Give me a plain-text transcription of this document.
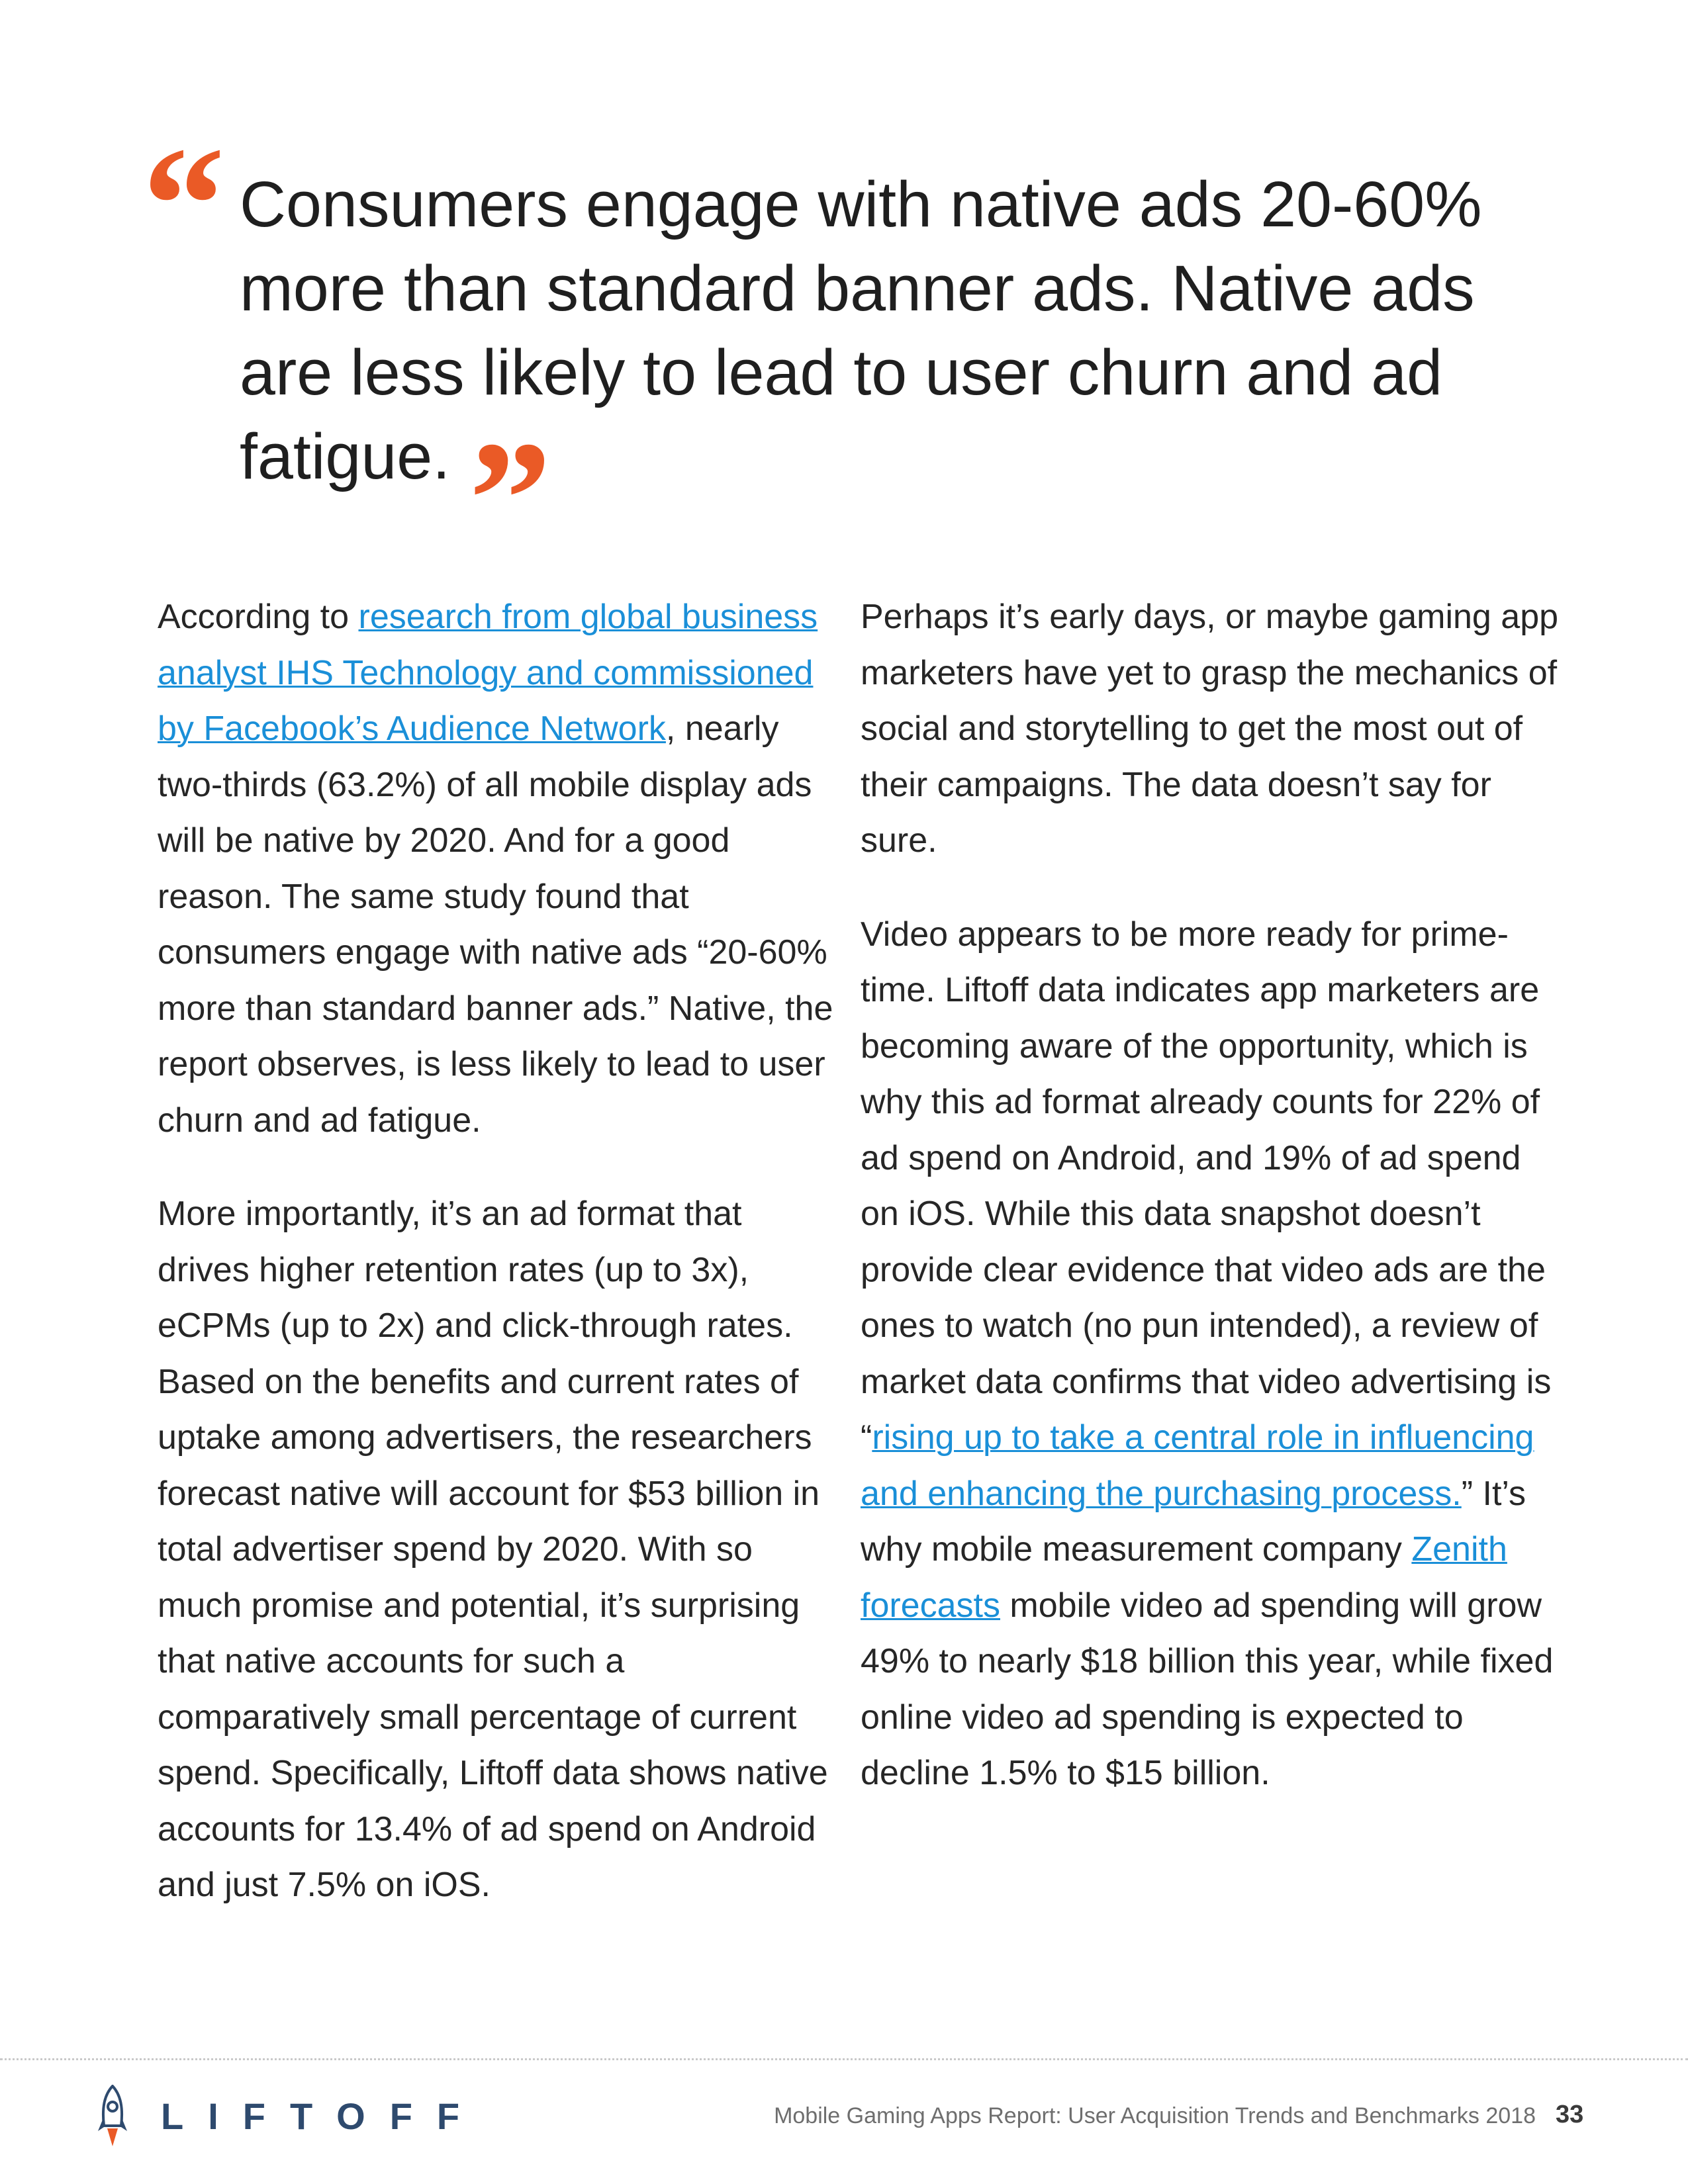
“ Consumers engage with native ads 20-60% more than standard banner ads. Native ads are less likely to lead to user churn and ad fatigue. ”

According to research from global business analyst IHS Technology and commissioned by Facebook’s Audience Network, nearly two-thirds (63.2%) of all mobile display ads will be native by 2020. And for a good reason. The same study found that consumers engage with native ads “20-60% more than standard banner ads.” Native, the report observes, is less likely to lead to user churn and ad fatigue.

More importantly, it’s an ad format that drives higher retention rates (up to 3x), eCPMs (up to 2x) and click-through rates. Based on the benefits and current rates of uptake among advertisers, the researchers forecast native will account for $53 billion in total advertiser spend by 2020. With so much promise and potential, it’s surprising that native accounts for such a comparatively small percentage of current spend. Specifically, Liftoff data shows native accounts for 13.4% of ad spend on Android and just 7.5% on iOS.

Perhaps it’s early days, or maybe gaming app marketers have yet to grasp the mechanics of social and storytelling to get the most out of their campaigns. The data doesn’t say for sure.

Video appears to be more ready for prime-time. Liftoff data indicates app marketers are becoming aware of the opportunity, which is why this ad format already counts for 22% of ad spend on Android, and 19% of ad spend on iOS. While this data snapshot doesn’t provide clear evidence that video ads are the ones to watch (no pun intended), a review of market data confirms that video advertising is “rising up to take a central role in influencing and enhancing the purchasing process.” It’s why mobile measurement company Zenith forecasts mobile video ad spending will grow 49% to nearly $18 billion this year, while fixed online video ad spending is expected to decline 1.5% to $15 billion.

LIFTOFF	Mobile Gaming Apps Report: User Acquisition Trends and Benchmarks 2018 33
